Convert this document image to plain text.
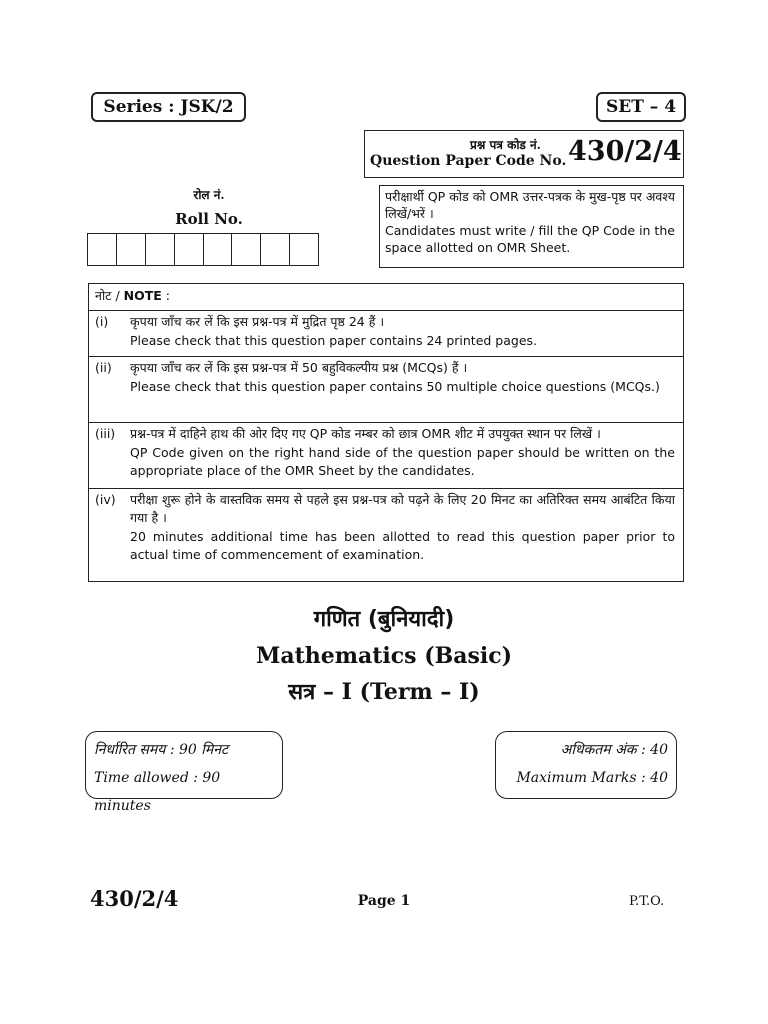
Series : JSK/2	SET – 4
प्रश्न पत्र कोड नं.
Question Paper Code No. 430/2/4
रोल नं.
Roll No.
परीक्षार्थी QP कोड को OMR उत्तर-पत्रक के मुख-पृष्ठ पर अवश्य लिखें/भरें ।
Candidates must write / fill the QP Code in the space allotted on OMR Sheet.
नोट / NOTE :
(i) कृपया जाँच कर लें कि इस प्रश्न-पत्र में मुद्रित पृष्ठ 24 हैं ।
Please check that this question paper contains 24 printed pages.
(ii) कृपया जाँच कर लें कि इस प्रश्न-पत्र में 50 बहुविकल्पीय प्रश्न (MCQs) हैं ।
Please check that this question paper contains 50 multiple choice questions (MCQs.)
(iii) प्रश्न-पत्र में दाहिने हाथ की ओर दिए गए QP कोड नम्बर को छात्र OMR शीट में उपयुक्त स्थान पर लिखें ।
QP Code given on the right hand side of the question paper should be written on the appropriate place of the OMR Sheet by the candidates.
(iv) परीक्षा शुरू होने के वास्तविक समय से पहले इस प्रश्न-पत्र को पढ़ने के लिए 20 मिनट का अतिरिक्त समय आबंटित किया गया है ।
20 minutes additional time has been allotted to read this question paper prior to actual time of commencement of examination.
गणित (बुनियादी)
Mathematics (Basic)
सत्र – I (Term – I)
निर्धारित समय : 90 मिनट
Time allowed : 90 minutes
अधिकतम अंक : 40
Maximum Marks : 40
430/2/4	Page 1	P.T.O.
